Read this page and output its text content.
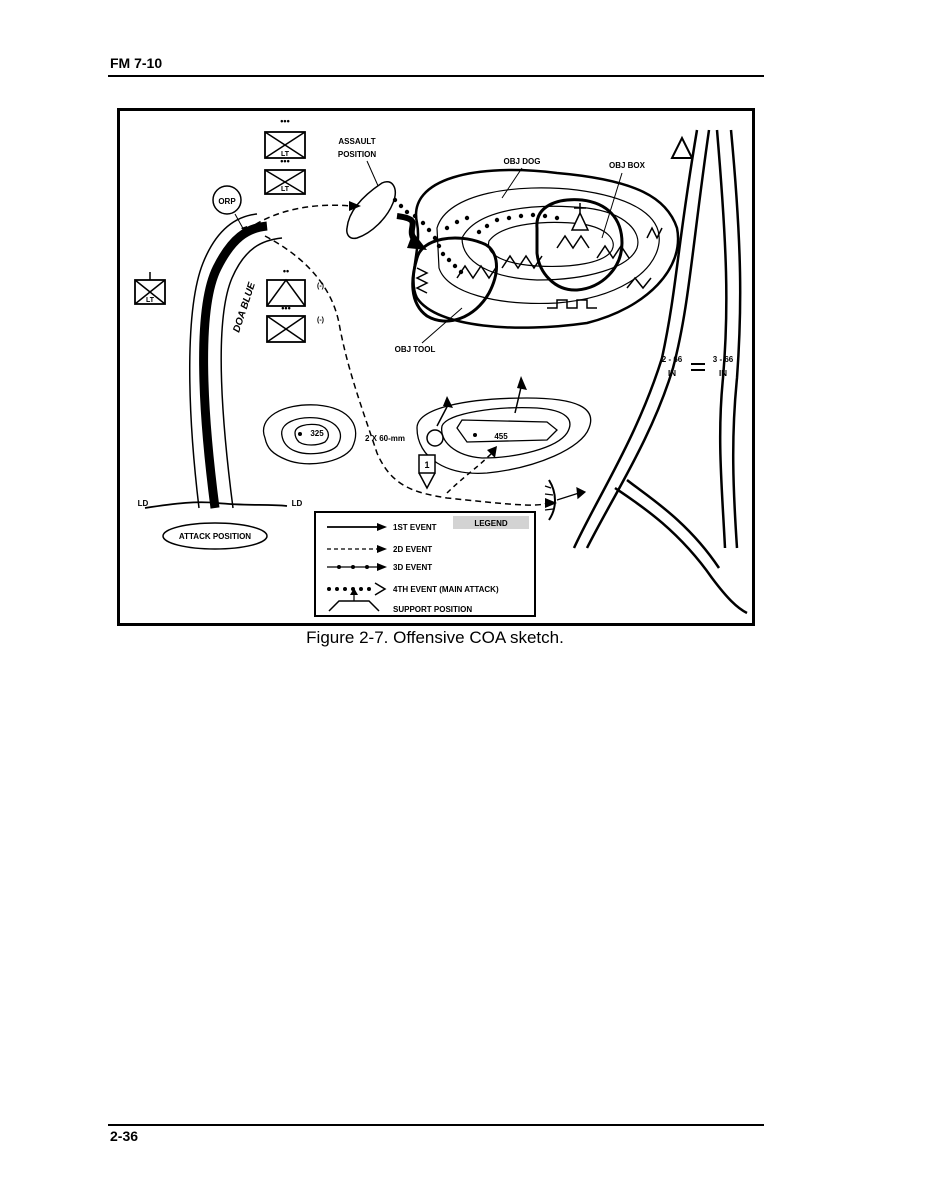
FM 7-10
2 - 66
IN
3 - 66
IN
ASSAULT
POSITION
OBJ DOG	OBJ BOX
OBJ TOOL
DOA BLUE
ORP
•••
LT
•••
LT
LT
••
(-)
•••
(-)
325	455
2 X 60-mm
1
LD	LD
ATTACK POSITION
LEGEND
1ST EVENT
2D EVENT
3D EVENT
4TH EVENT (MAIN ATTACK)
SUPPORT POSITION
Figure 2-7. Offensive COA sketch.
2-36
